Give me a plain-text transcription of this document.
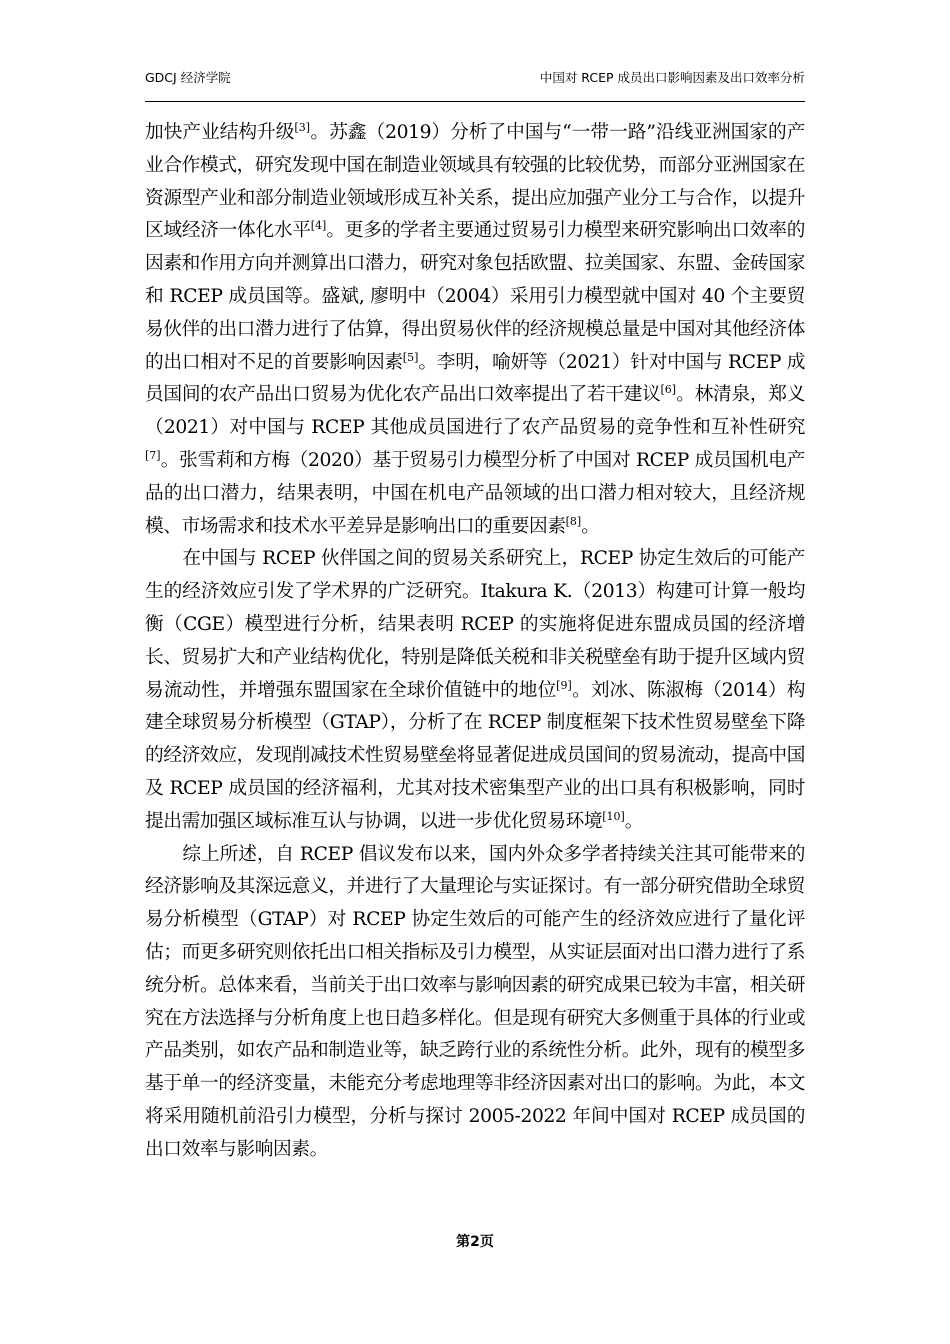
GDCJ 经济学院	中国对 RCEP 成员出口影响因素及出口效率分析

加快产业结构升级[3]。苏鑫（2019）分析了中国与“一带一路”沿线亚洲国家的产业合作模式，研究发现中国在制造业领域具有较强的比较优势，而部分亚洲国家在资源型产业和部分制造业领域形成互补关系，提出应加强产业分工与合作，以提升区域经济一体化水平[4]。更多的学者主要通过贸易引力模型来研究影响出口效率的因素和作用方向并测算出口潜力，研究对象包括欧盟、拉美国家、东盟、金砖国家和 RCEP 成员国等。盛斌, 廖明中（2004）采用引力模型就中国对 40 个主要贸易伙伴的出口潜力进行了估算，得出贸易伙伴的经济规模总量是中国对其他经济体的出口相对不足的首要影响因素[5]。李明，喻妍等（2021）针对中国与 RCEP 成员国间的农产品出口贸易为优化农产品出口效率提出了若干建议[6]。林清泉，郑义（2021）对中国与 RCEP 其他成员国进行了农产品贸易的竞争性和互补性研究[7]。张雪莉和方梅（2020）基于贸易引力模型分析了中国对 RCEP 成员国机电产品的出口潜力，结果表明，中国在机电产品领域的出口潜力相对较大，且经济规模、市场需求和技术水平差异是影响出口的重要因素[8]。

在中国与 RCEP 伙伴国之间的贸易关系研究上，RCEP 协定生效后的可能产生的经济效应引发了学术界的广泛研究。Itakura K.（2013）构建可计算一般均衡（CGE）模型进行分析，结果表明 RCEP 的实施将促进东盟成员国的经济增长、贸易扩大和产业结构优化，特别是降低关税和非关税壁垒有助于提升区域内贸易流动性，并增强东盟国家在全球价值链中的地位[9]。刘冰、陈淑梅（2014）构建全球贸易分析模型（GTAP），分析了在 RCEP 制度框架下技术性贸易壁垒下降的经济效应，发现削减技术性贸易壁垒将显著促进成员国间的贸易流动，提高中国及 RCEP 成员国的经济福利，尤其对技术密集型产业的出口具有积极影响，同时提出需加强区域标准互认与协调，以进一步优化贸易环境[10]。

综上所述，自 RCEP 倡议发布以来，国内外众多学者持续关注其可能带来的经济影响及其深远意义，并进行了大量理论与实证探讨。有一部分研究借助全球贸易分析模型（GTAP）对 RCEP 协定生效后的可能产生的经济效应进行了量化评估；而更多研究则依托出口相关指标及引力模型，从实证层面对出口潜力进行了系统分析。总体来看，当前关于出口效率与影响因素的研究成果已较为丰富，相关研究在方法选择与分析角度上也日趋多样化。但是现有研究大多侧重于具体的行业或产品类别，如农产品和制造业等，缺乏跨行业的系统性分析。此外，现有的模型多基于单一的经济变量，未能充分考虑地理等非经济因素对出口的影响。为此，本文将采用随机前沿引力模型，分析与探讨 2005-2022 年间中国对 RCEP 成员国的出口效率与影响因素。

第2页
